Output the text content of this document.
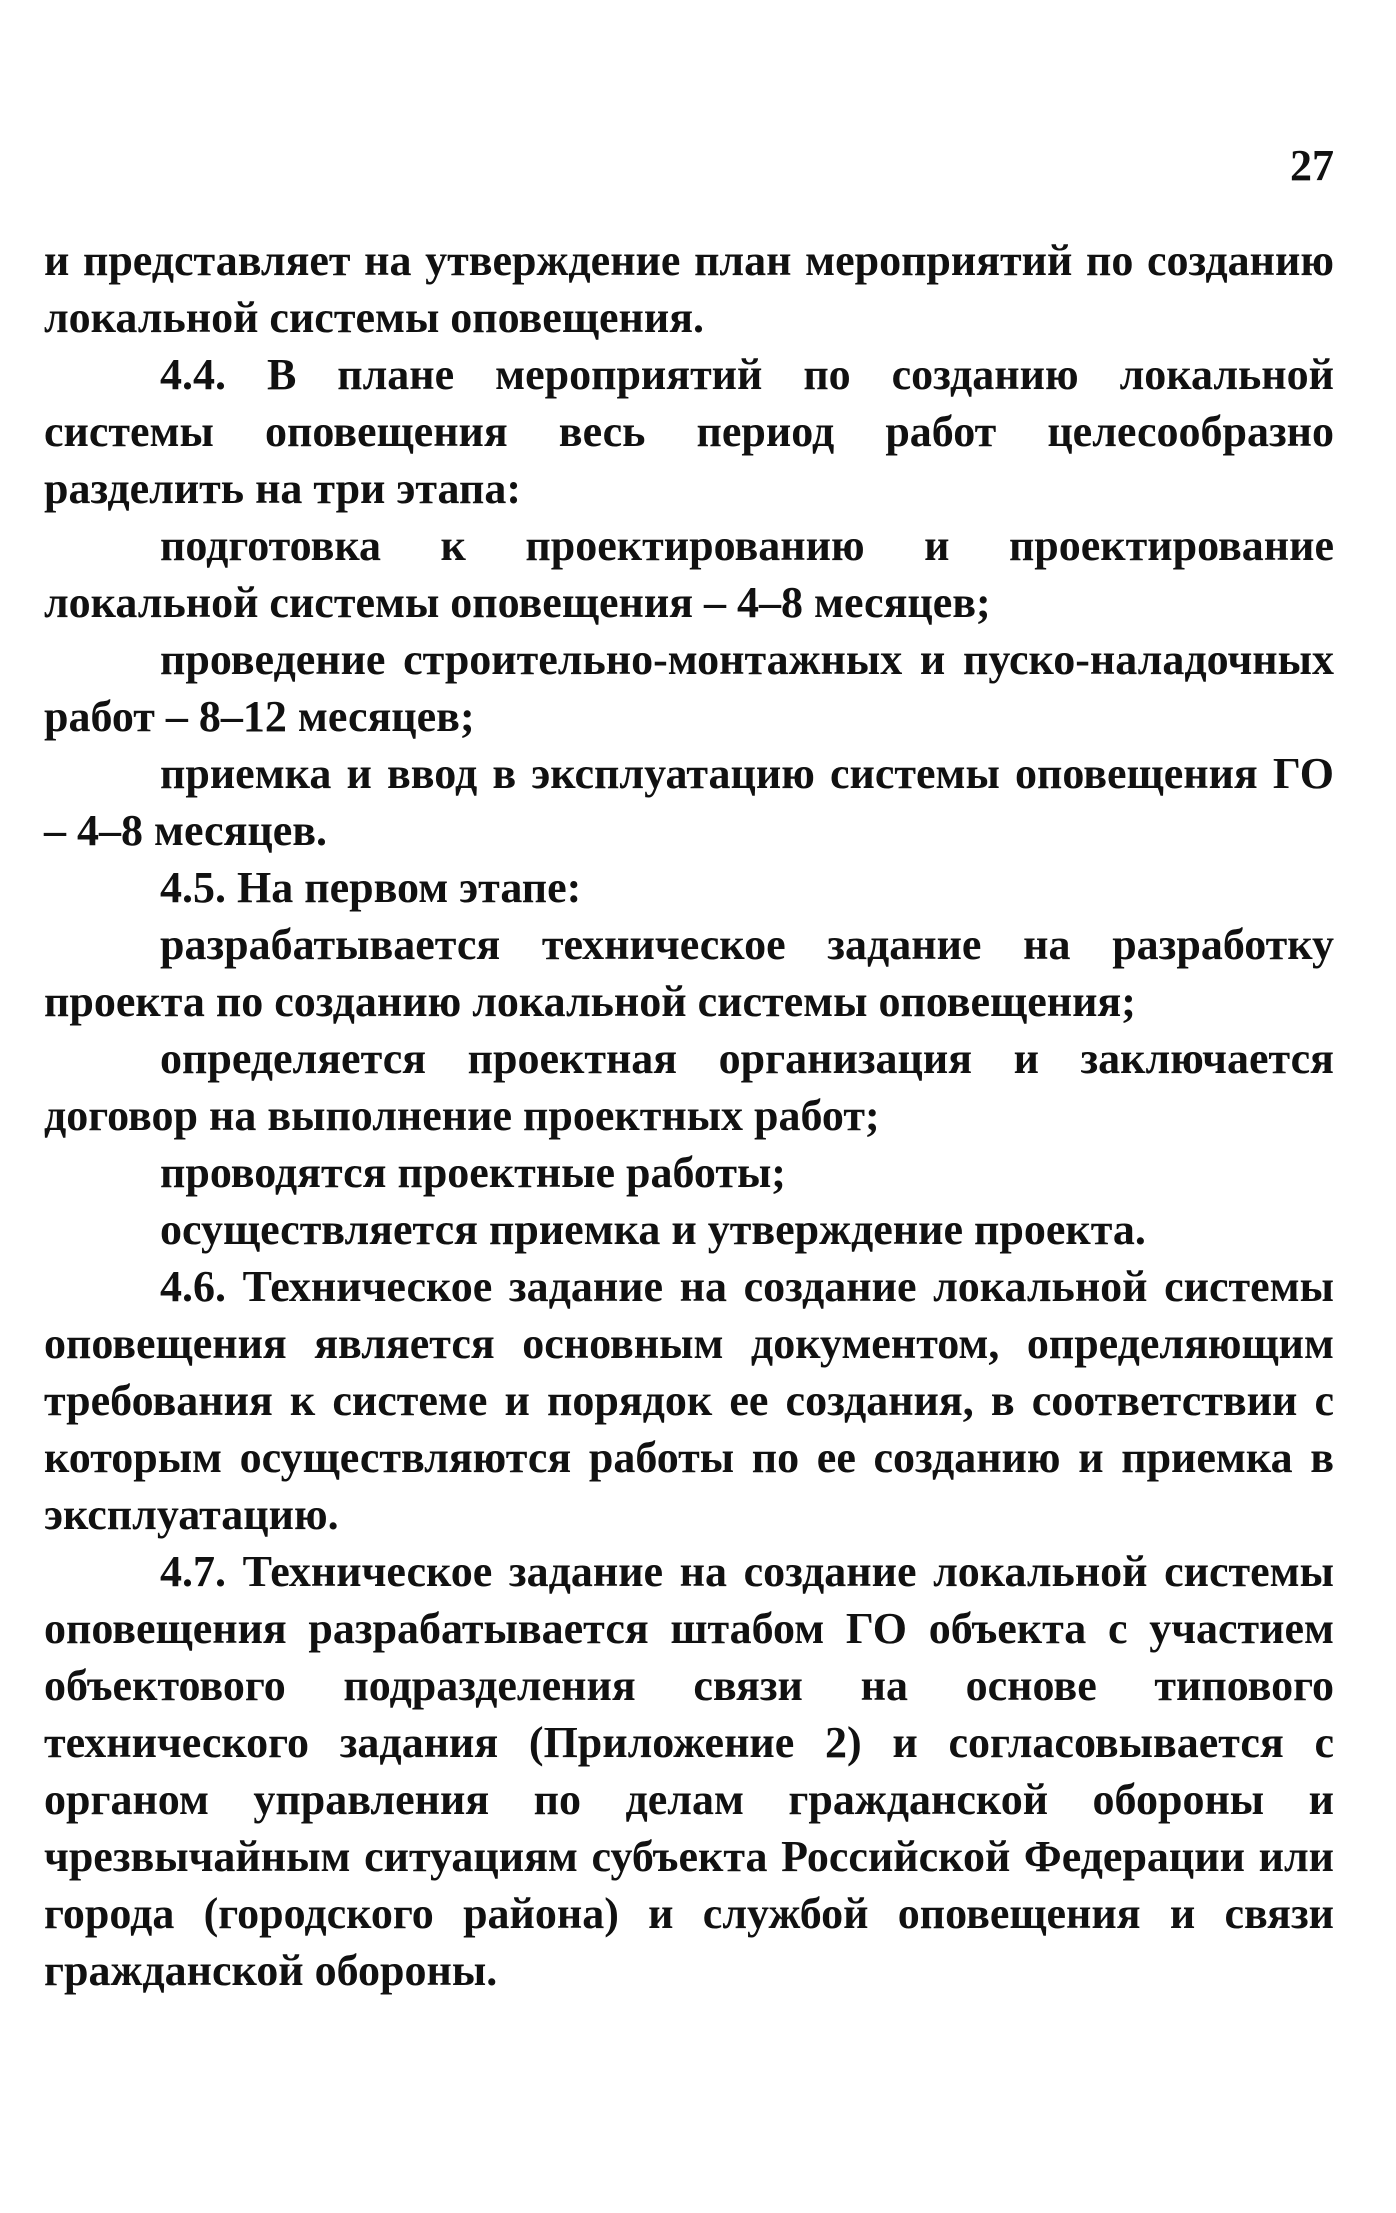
27

и представляет на утверждение план мероприятий по созданию локальной системы оповещения.

4.4. В плане мероприятий по созданию локальной системы оповещения весь период работ целесообразно разделить на три этапа:

подготовка к проектированию и проектирование локальной системы оповещения – 4–8 месяцев;

проведение строительно-монтажных и пуско-наладочных работ – 8–12 месяцев;

приемка и ввод в эксплуатацию системы оповещения ГО – 4–8 месяцев.

4.5. На первом этапе:

разрабатывается техническое задание на разработку проекта по созданию локальной системы оповещения;

определяется проектная организация и заключается договор на выполнение проектных работ;

проводятся проектные работы;

осуществляется приемка и утверждение проекта.

4.6. Техническое задание на создание локальной системы оповещения является основным документом, определяющим требования к системе и порядок ее создания, в соответствии с которым осуществляются работы по ее созданию и приемка в эксплуатацию.

4.7. Техническое задание на создание локальной системы оповещения разрабатывается штабом ГО объекта с участием объектового подразделения связи на основе типового технического задания (Приложение 2) и согласовывается с органом управления по делам гражданской обороны и чрезвычайным ситуациям субъекта Российской Федерации или города (городского района) и службой оповещения и связи гражданской обороны.
